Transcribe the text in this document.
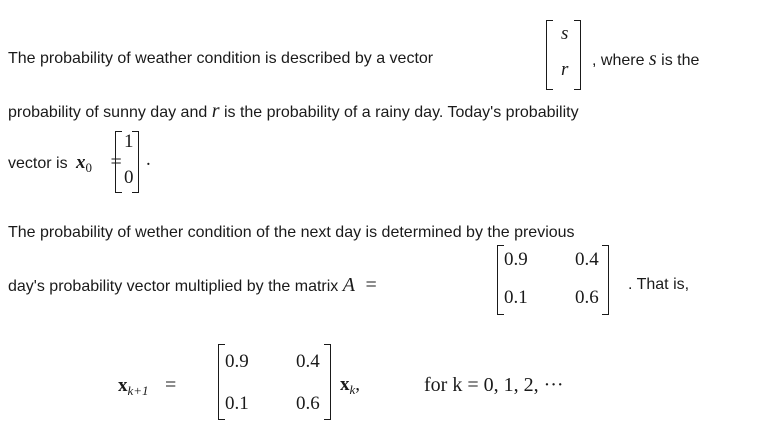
The probability of weather condition is described by a vector
s
r , where s is the
probability of sunny day and r is the probability of a rainy day. Today's probability
vector is $x_0$ =
1
0
.
The probability of wether condition of the next day is determined by the previous
day's probability vector multiplied by the matrix A =
0.9 0.4
0.1 0.6
. That is,
$x_{k+1}$ =
0.9 0.4
0.1 0.6
$x_k$,	for k = 0, 1, 2, ···
